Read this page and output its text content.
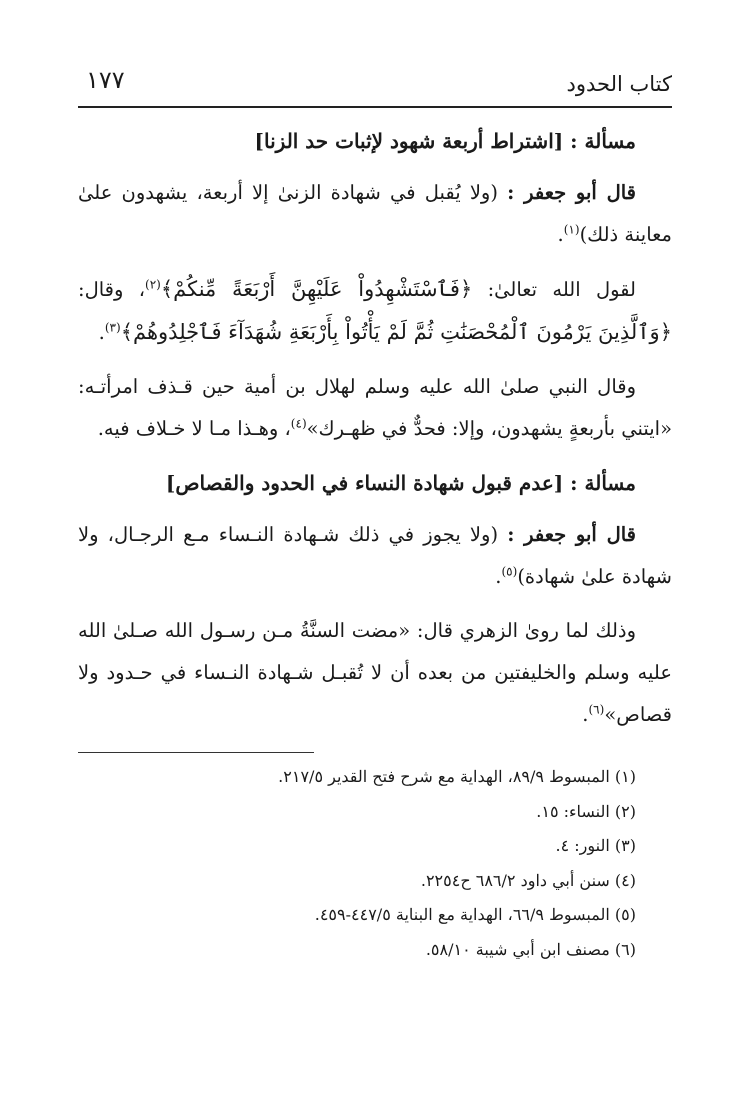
كتاب الحدود
١٧٧

مسألة : [اشتراط أربعة شهود لإثبات حد الزنا]

قال أبو جعفر : (ولا يُقبل في شهادة الزنىٰ إلا أربعة، يشهدون علىٰ معاينة ذلك)$^{(١)}$.

لقول الله تعالىٰ: ﴿فَٱسْتَشْهِدُواْ عَلَيْهِنَّ أَرْبَعَةً مِّنكُمْ﴾$^{(٢)}$، وقال: ﴿وَٱلَّذِينَ يَرْمُونَ ٱلْمُحْصَنَٰتِ ثُمَّ لَمْ يَأْتُواْ بِأَرْبَعَةِ شُهَدَآءَ فَٱجْلِدُوهُمْ﴾$^{(٣)}$.

وقال النبي صلىٰ الله عليه وسلم لهلال بن أمية حين قـذف امرأتـه: «ايتني بأربعةٍ يشهدون، وإلا: فحدٌّ في ظهـرك»$^{(٤)}$، وهـذا مـا لا خـلاف فيه.

مسألة : [عدم قبول شهادة النساء في الحدود والقصاص]

قال أبو جعفر : (ولا يجوز في ذلك شـهادة النـساء مـع الرجـال، ولا شهادة علىٰ شهادة)$^{(٥)}$.

وذلك لما روىٰ الزهري قال: «مضت السنَّةُ مـن رسـول الله صـلىٰ الله عليه وسلم والخليفتين من بعده أن لا تُقبـل شـهادة النـساء في حـدود ولا قصاص»$^{(٦)}$.

(١) المبسوط ٨٩/٩، الهداية مع شرح فتح القدير ٢١٧/٥.

(٢) النساء: ١٥.

(٣) النور: ٤.

(٤) سنن أبي داود ٦٨٦/٢ ح٢٢٥٤.

(٥) المبسوط ٦٦/٩، الهداية مع البناية ٤٤٧/٥-٤٥٩.

(٦) مصنف ابن أبي شيبة ٥٨/١٠.
